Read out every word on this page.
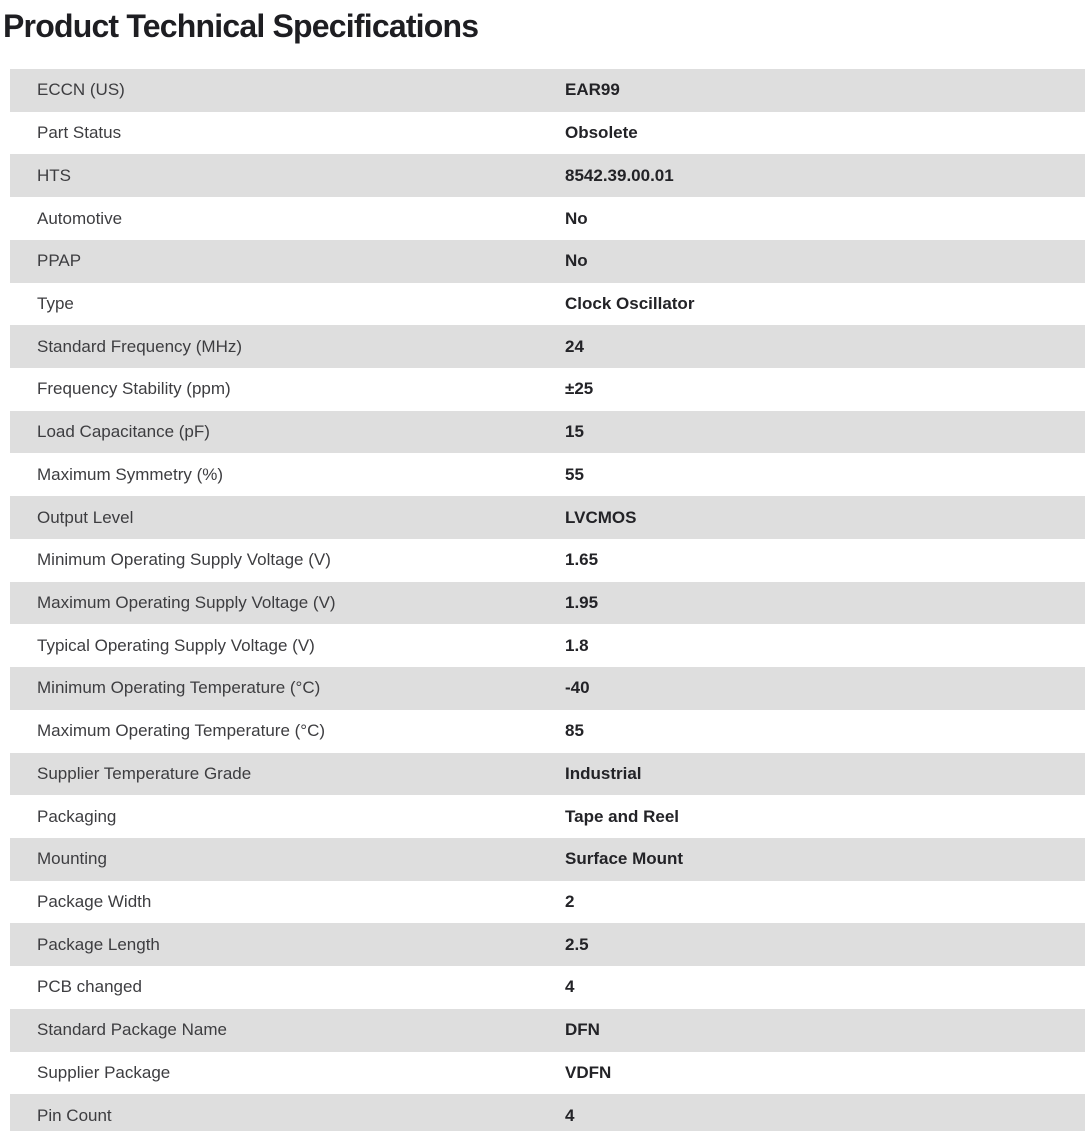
Product Technical Specifications
ECCN (US)	EAR99
Part Status	Obsolete
HTS	8542.39.00.01
Automotive	No
PPAP	No
Type	Clock Oscillator
Standard Frequency (MHz)	24
Frequency Stability (ppm)	±25
Load Capacitance (pF)	15
Maximum Symmetry (%)	55
Output Level	LVCMOS
Minimum Operating Supply Voltage (V)	1.65
Maximum Operating Supply Voltage (V)	1.95
Typical Operating Supply Voltage (V)	1.8
Minimum Operating Temperature (°C)	-40
Maximum Operating Temperature (°C)	85
Supplier Temperature Grade	Industrial
Packaging	Tape and Reel
Mounting	Surface Mount
Package Width	2
Package Length	2.5
PCB changed	4
Standard Package Name	DFN
Supplier Package	VDFN
Pin Count	4
